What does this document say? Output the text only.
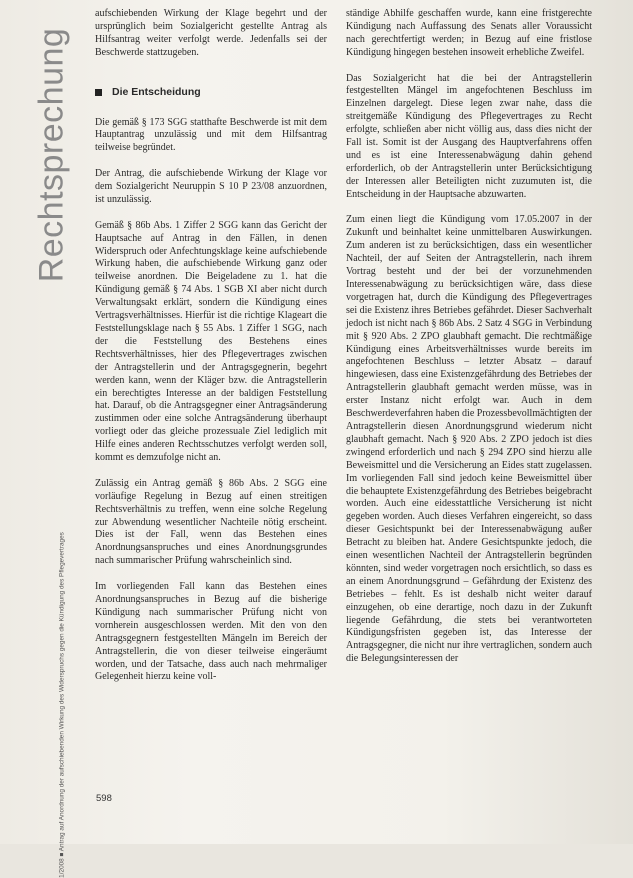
Rechtsprechung
1/2008 ■ Antrag auf Anordnung der aufschiebenden Wirkung des Widerspruchs gegen die Kündigung des Pflegevertrages

aufschiebenden Wirkung der Klage begehrt und der ursprünglich beim Sozialgericht gestellte Antrag als Hilfsantrag weiter verfolgt werde. Jedenfalls sei der Beschwerde stattzugeben.

Die Entscheidung

Die gemäß § 173 SGG statthafte Beschwerde ist mit dem Hauptantrag unzulässig und mit dem Hilfsantrag teilweise begründet.

Der Antrag, die aufschiebende Wirkung der Klage vor dem Sozialgericht Neuruppin S 10 P 23/08 anzuordnen, ist unzulässig.

Gemäß § 86b Abs. 1 Ziffer 2 SGG kann das Gericht der Hauptsache auf Antrag in den Fällen, in denen Widerspruch oder Anfechtungsklage keine aufschiebende Wirkung haben, die aufschiebende Wirkung ganz oder teilweise anordnen. Die Beigeladene zu 1. hat die Kündigung gemäß § 74 Abs. 1 SGB XI aber nicht durch Verwaltungsakt erklärt, sondern die Kündigung eines Vertragsverhältnisses. Hierfür ist die richtige Klageart die Feststellungsklage nach § 55 Abs. 1 Ziffer 1 SGG, nach der die Feststellung des Bestehens eines Rechtsverhältnisses, hier des Pflegevertrages zwischen der Antragstellerin und der Antragsgegnerin, begehrt werden kann, wenn der Kläger bzw. die Antragstellerin ein berechtigtes Interesse an der baldigen Feststellung hat. Darauf, ob die Antragsgegner einer Antragsänderung zustimmen oder eine solche Antragsänderung überhaupt vorliegt oder das gleiche prozessuale Ziel lediglich mit Hilfe eines anderen Rechtsschutzes verfolgt werden soll, kommt es demzufolge nicht an.

Zulässig ein Antrag gemäß § 86b Abs. 2 SGG eine vorläufige Regelung in Bezug auf einen streitigen Rechtsverhältnis zu treffen, wenn eine solche Regelung zur Abwendung wesentlicher Nachteile nötig erscheint. Dies ist der Fall, wenn das Bestehen eines Anordnungsanspruches und eines Anordnungsgrundes nach summarischer Prüfung wahrscheinlich sind.

Im vorliegenden Fall kann das Bestehen eines Anordnungsanspruches in Bezug auf die bisherige Kündigung nach summarischer Prüfung nicht von vornherein ausgeschlossen werden. Mit den von den Antragsgegnern festgestellten Mängeln im Bereich der Antragstellerin, die von dieser teilweise eingeräumt worden, und der Tatsache, dass auch nach mehrmaliger Gelegenheit hierzu keine voll-

ständige Abhilfe geschaffen wurde, kann eine fristgerechte Kündigung nach Auffassung des Senats aller Voraussicht nach gerechtfertigt werden; in Bezug auf eine fristlose Kündigung hingegen bestehen insoweit erhebliche Zweifel.

Das Sozialgericht hat die bei der Antragstellerin festgestellten Mängel im angefochtenen Beschluss im Einzelnen dargelegt. Diese legen zwar nahe, dass die streitgemäße Kündigung des Pflegevertrages zu Recht erfolgte, schließen aber nicht völlig aus, dass dies nicht der Fall ist. Somit ist der Ausgang des Hauptverfahrens offen und es ist eine Interessenabwägung dahin gehend erforderlich, ob der Antragstellerin unter Berücksichtigung der Interessen aller Beteiligten nicht zuzumuten ist, die Entscheidung in der Hauptsache abzuwarten.

Zum einen liegt die Kündigung vom 17.05.2007 in der Zukunft und beinhaltet keine unmittelbaren Auswirkungen. Zum anderen ist zu berücksichtigen, dass ein wesentlicher Nachteil, der auf Seiten der Antragstellerin, nach ihrem Vortrag besteht und der bei der vorzunehmenden Interessenabwägung zu berücksichtigen wäre, dass diese vorgetragen hat, durch die Kündigung des Pflegevertrages sei die Existenz ihres Betriebes gefährdet. Dieser Sachverhalt jedoch ist nicht nach § 86b Abs. 2 Satz 4 SGG in Verbindung mit § 920 Abs. 2 ZPO glaubhaft gemacht. Die rechtmäßige Kündigung eines Arbeitsverhältnisses wurde bereits im angefochtenen Beschluss – letzter Absatz – darauf hingewiesen, dass eine Existenzgefährdung des Betriebes der Antragstellerin glaubhaft gemacht werden müsse, was in erster Instanz nicht erfolgt war. Auch in dem Beschwerdeverfahren haben die Prozessbevollmächtigten der Antragstellerin diesen Anordnungsgrund wiederum nicht glaubhaft gemacht. Nach § 920 Abs. 2 ZPO jedoch ist dies zwingend erforderlich und nach § 294 ZPO sind hierzu alle Beweismittel und die Versicherung an Eides statt zugelassen. Im vorliegenden Fall sind jedoch keine Beweismittel über die behauptete Existenzgefährdung des Betriebes beigebracht worden. Auch eine eidesstattliche Versicherung ist nicht gegeben worden. Auch dieses Verfahren eingereicht, so dass dieser Gesichtspunkt bei der Interessenabwägung außer Betracht zu bleiben hat. Andere Gesichtspunkte jedoch, die einen wesentlichen Nachteil der Antragstellerin begründen könnten, sind weder vorgetragen noch ersichtlich, so dass es an einem Anordnungsgrund – Gefährdung der Existenz des Betriebes – fehlt. Es ist deshalb nicht weiter darauf einzugehen, ob eine derartige, noch dazu in der Zukunft liegende Gefährdung, die stets bei verantworteten Kündigungsfristen gegeben ist, das Interesse der Antragsgegner, die nicht nur ihre vertraglichen, sondern auch die Belegungsinteressen der

598
